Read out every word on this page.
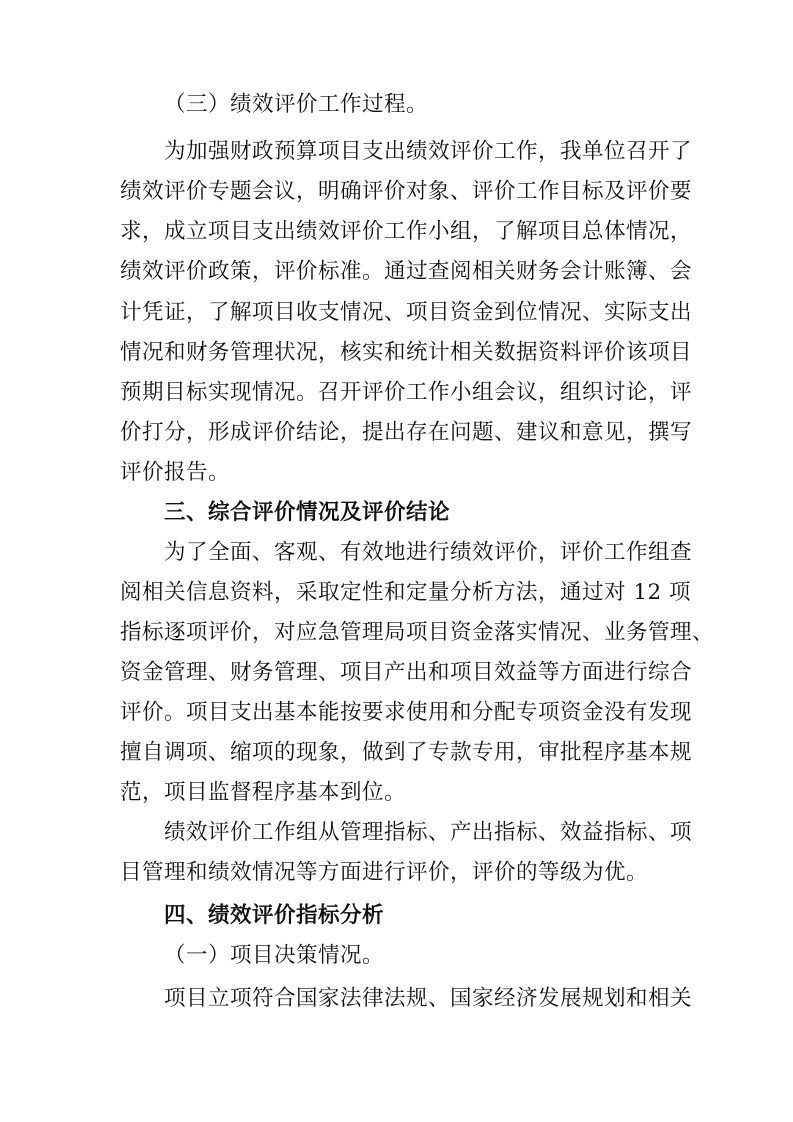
（三）绩效评价工作过程。
为加强财政预算项目支出绩效评价工作，我单位召开了
绩效评价专题会议，明确评价对象、评价工作目标及评价要
求，成立项目支出绩效评价工作小组，了解项目总体情况，
绩效评价政策，评价标准。通过查阅相关财务会计账簿、会
计凭证，了解项目收支情况、项目资金到位情况、实际支出
情况和财务管理状况，核实和统计相关数据资料评价该项目
预期目标实现情况。召开评价工作小组会议，组织讨论，评
价打分，形成评价结论，提出存在问题、建议和意见，撰写
评价报告。
三、综合评价情况及评价结论
为了全面、客观、有效地进行绩效评价，评价工作组查
阅相关信息资料，采取定性和定量分析方法，通过对 12 项
指标逐项评价，对应急管理局项目资金落实情况、业务管理、
资金管理、财务管理、项目产出和项目效益等方面进行综合
评价。项目支出基本能按要求使用和分配专项资金没有发现
擅自调项、缩项的现象，做到了专款专用，审批程序基本规
范，项目监督程序基本到位。
绩效评价工作组从管理指标、产出指标、效益指标、项
目管理和绩效情况等方面进行评价，评价的等级为优。
四、绩效评价指标分析
（一）项目决策情况。
项目立项符合国家法律法规、国家经济发展规划和相关
